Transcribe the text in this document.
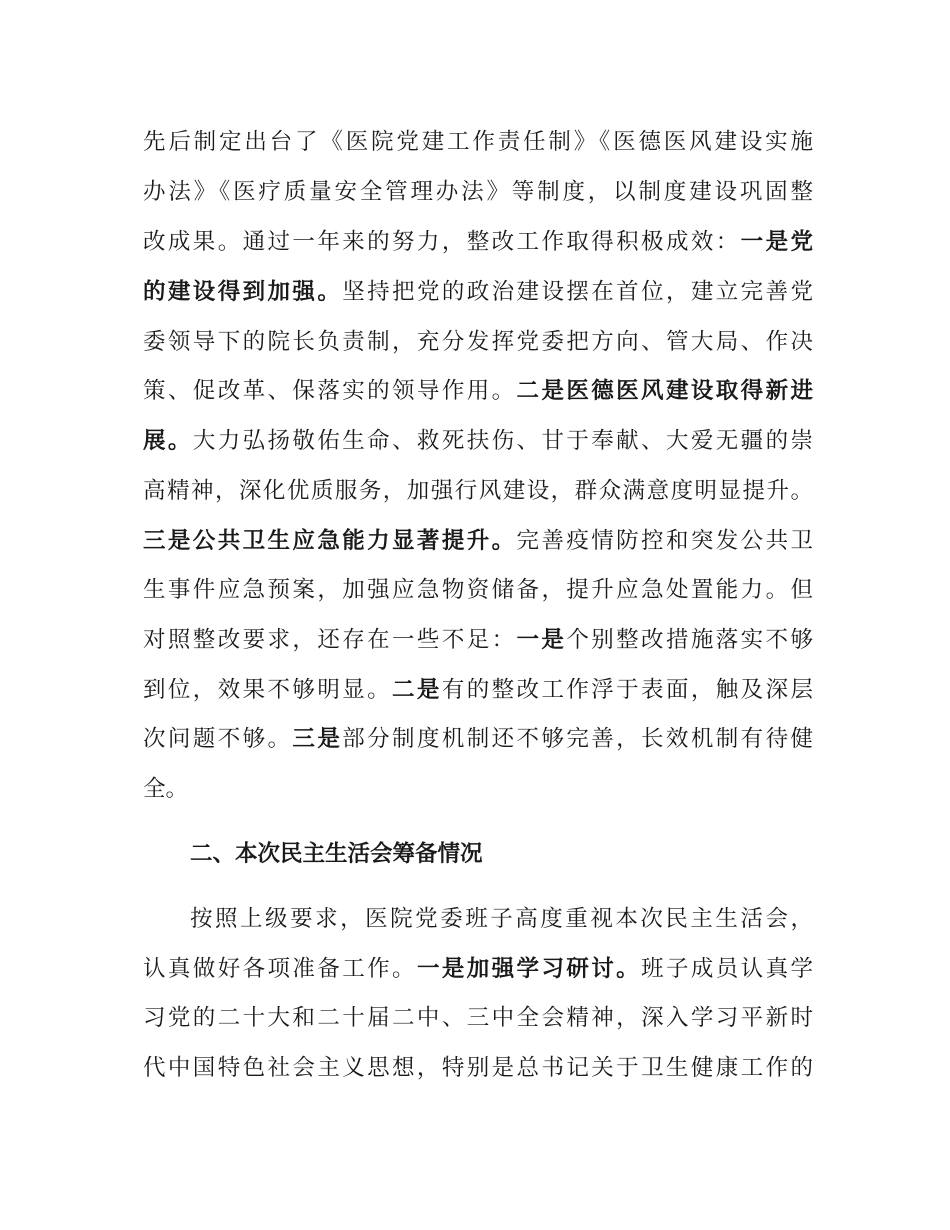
先后制定出台了《医院党建工作责任制》《医德医风建设实施
办法》《医疗质量安全管理办法》等制度，以制度建设巩固整
改成果。通过一年来的努力，整改工作取得积极成效：一是党
的建设得到加强。坚持把党的政治建设摆在首位，建立完善党
委领导下的院长负责制，充分发挥党委把方向、管大局、作决
策、促改革、保落实的领导作用。二是医德医风建设取得新进
展。大力弘扬敬佑生命、救死扶伤、甘于奉献、大爱无疆的崇
高精神，深化优质服务，加强行风建设，群众满意度明显提升。
三是公共卫生应急能力显著提升。完善疫情防控和突发公共卫
生事件应急预案，加强应急物资储备，提升应急处置能力。但
对照整改要求，还存在一些不足：一是个别整改措施落实不够
到位，效果不够明显。二是有的整改工作浮于表面，触及深层
次问题不够。三是部分制度机制还不够完善，长效机制有待健
全。
二、本次民主生活会筹备情况
按照上级要求，医院党委班子高度重视本次民主生活会，
认真做好各项准备工作。一是加强学习研讨。班子成员认真学
习党的二十大和二十届二中、三中全会精神，深入学习平新时
代中国特色社会主义思想，特别是总书记关于卫生健康工作的
